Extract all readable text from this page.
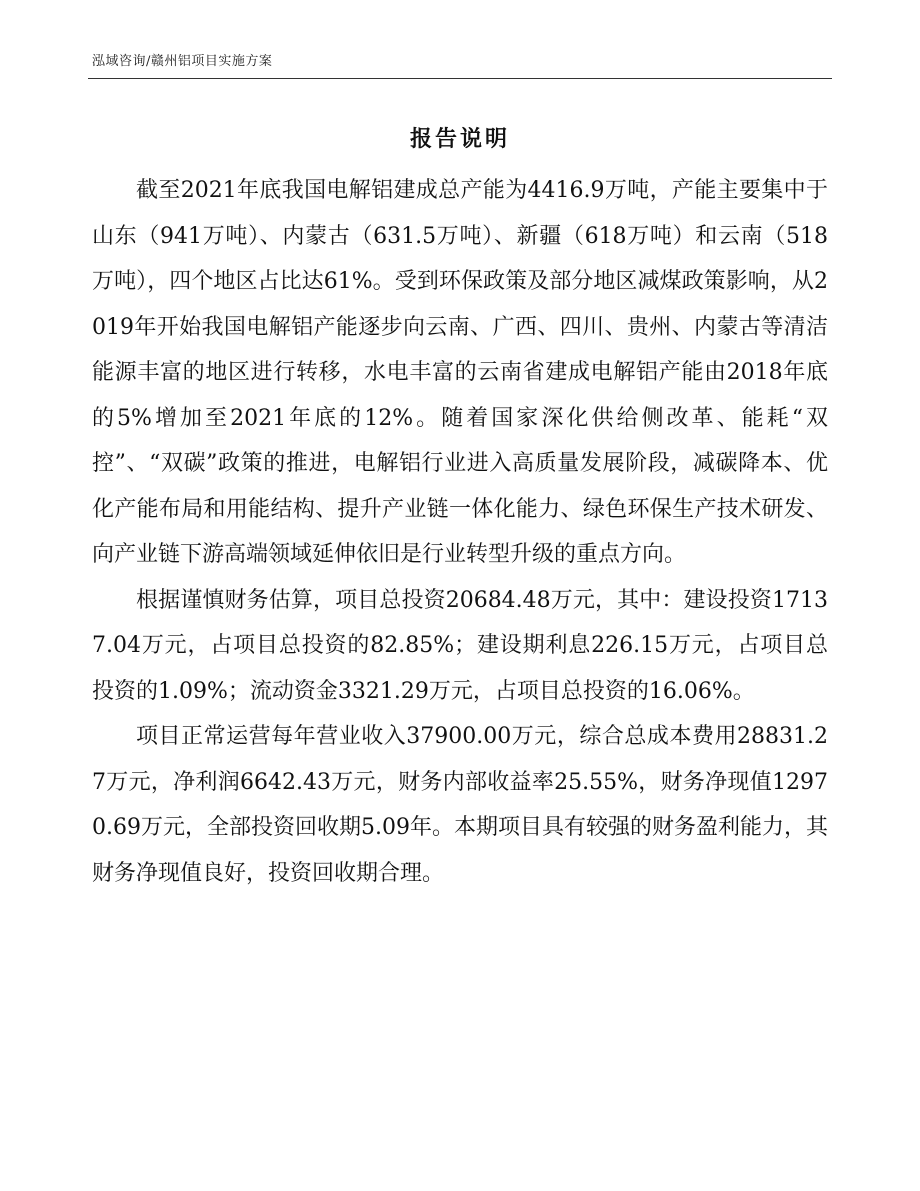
泓域咨询/赣州铝项目实施方案
报告说明

截至2021年底我国电解铝建成总产能为4416.9万吨，产能主要集中于山东（941万吨）、内蒙古（631.5万吨）、新疆（618万吨）和云南（518万吨），四个地区占比达61%。受到环保政策及部分地区减煤政策影响，从2019年开始我国电解铝产能逐步向云南、广西、四川、贵州、内蒙古等清洁能源丰富的地区进行转移，水电丰富的云南省建成电解铝产能由2018年底的5%增加至2021年底的12%。随着国家深化供给侧改革、能耗“双控”、“双碳”政策的推进，电解铝行业进入高质量发展阶段，减碳降本、优化产能布局和用能结构、提升产业链一体化能力、绿色环保生产技术研发、向产业链下游高端领域延伸依旧是行业转型升级的重点方向。

根据谨慎财务估算，项目总投资20684.48万元，其中：建设投资17137.04万元，占项目总投资的82.85%；建设期利息226.15万元，占项目总投资的1.09%；流动资金3321.29万元，占项目总投资的16.06%。

项目正常运营每年营业收入37900.00万元，综合总成本费用28831.27万元，净利润6642.43万元，财务内部收益率25.55%，财务净现值12970.69万元，全部投资回收期5.09年。本期项目具有较强的财务盈利能力，其财务净现值良好，投资回收期合理。
